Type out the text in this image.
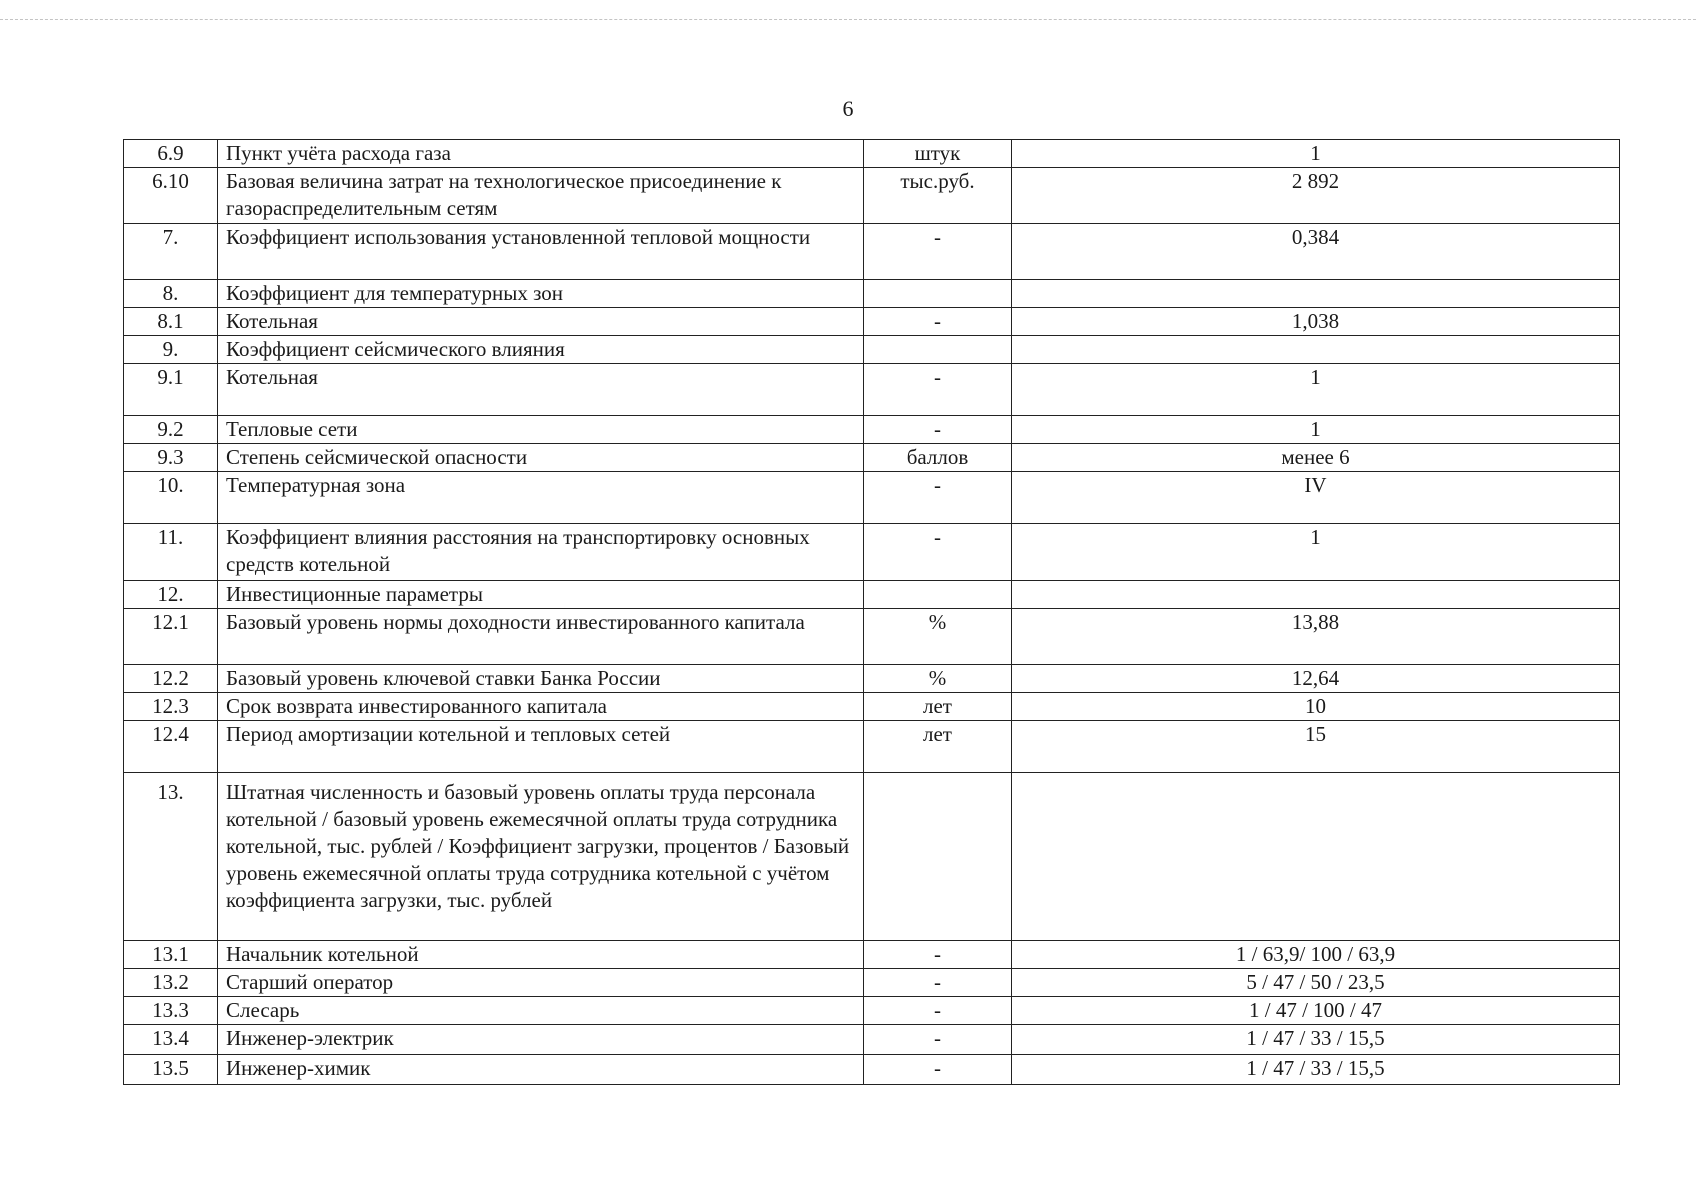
6
6.9	Пункт учёта расхода газа	штук	1
6.10	Базовая величина затрат на технологическое присоединение к газораспределительным сетям	тыс.руб.	2 892
7.	Коэффициент использования установленной тепловой мощности	-	0,384
8.	Коэффициент для температурных зон		
8.1	Котельная	-	1,038
9.	Коэффициент сейсмического влияния		
9.1	Котельная	-	1
9.2	Тепловые сети	-	1
9.3	Степень сейсмической опасности	баллов	менее 6
10.	Температурная зона	-	IV
11.	Коэффициент влияния расстояния на транспортировку основных средств котельной	-	1
12.	Инвестиционные параметры		
12.1	Базовый уровень нормы доходности инвестированного капитала	%	13,88
12.2	Базовый уровень ключевой ставки Банка России	%	12,64
12.3	Срок возврата инвестированного капитала	лет	10
12.4	Период амортизации котельной и тепловых сетей	лет	15
13.	Штатная численность и базовый уровень оплаты труда персонала котельной / базовый уровень ежемесячной оплаты труда сотрудника котельной, тыс. рублей / Коэффициент загрузки, процентов / Базовый уровень ежемесячной оплаты труда сотрудника котельной с учётом коэффициента загрузки, тыс. рублей		
13.1	Начальник котельной	-	1 / 63,9/ 100 / 63,9
13.2	Старший оператор	-	5 / 47 / 50 / 23,5
13.3	Слесарь	-	1 / 47 / 100 / 47
13.4	Инженер-электрик	-	1 / 47 / 33 / 15,5
13.5	Инженер-химик	-	1 / 47 / 33 / 15,5
